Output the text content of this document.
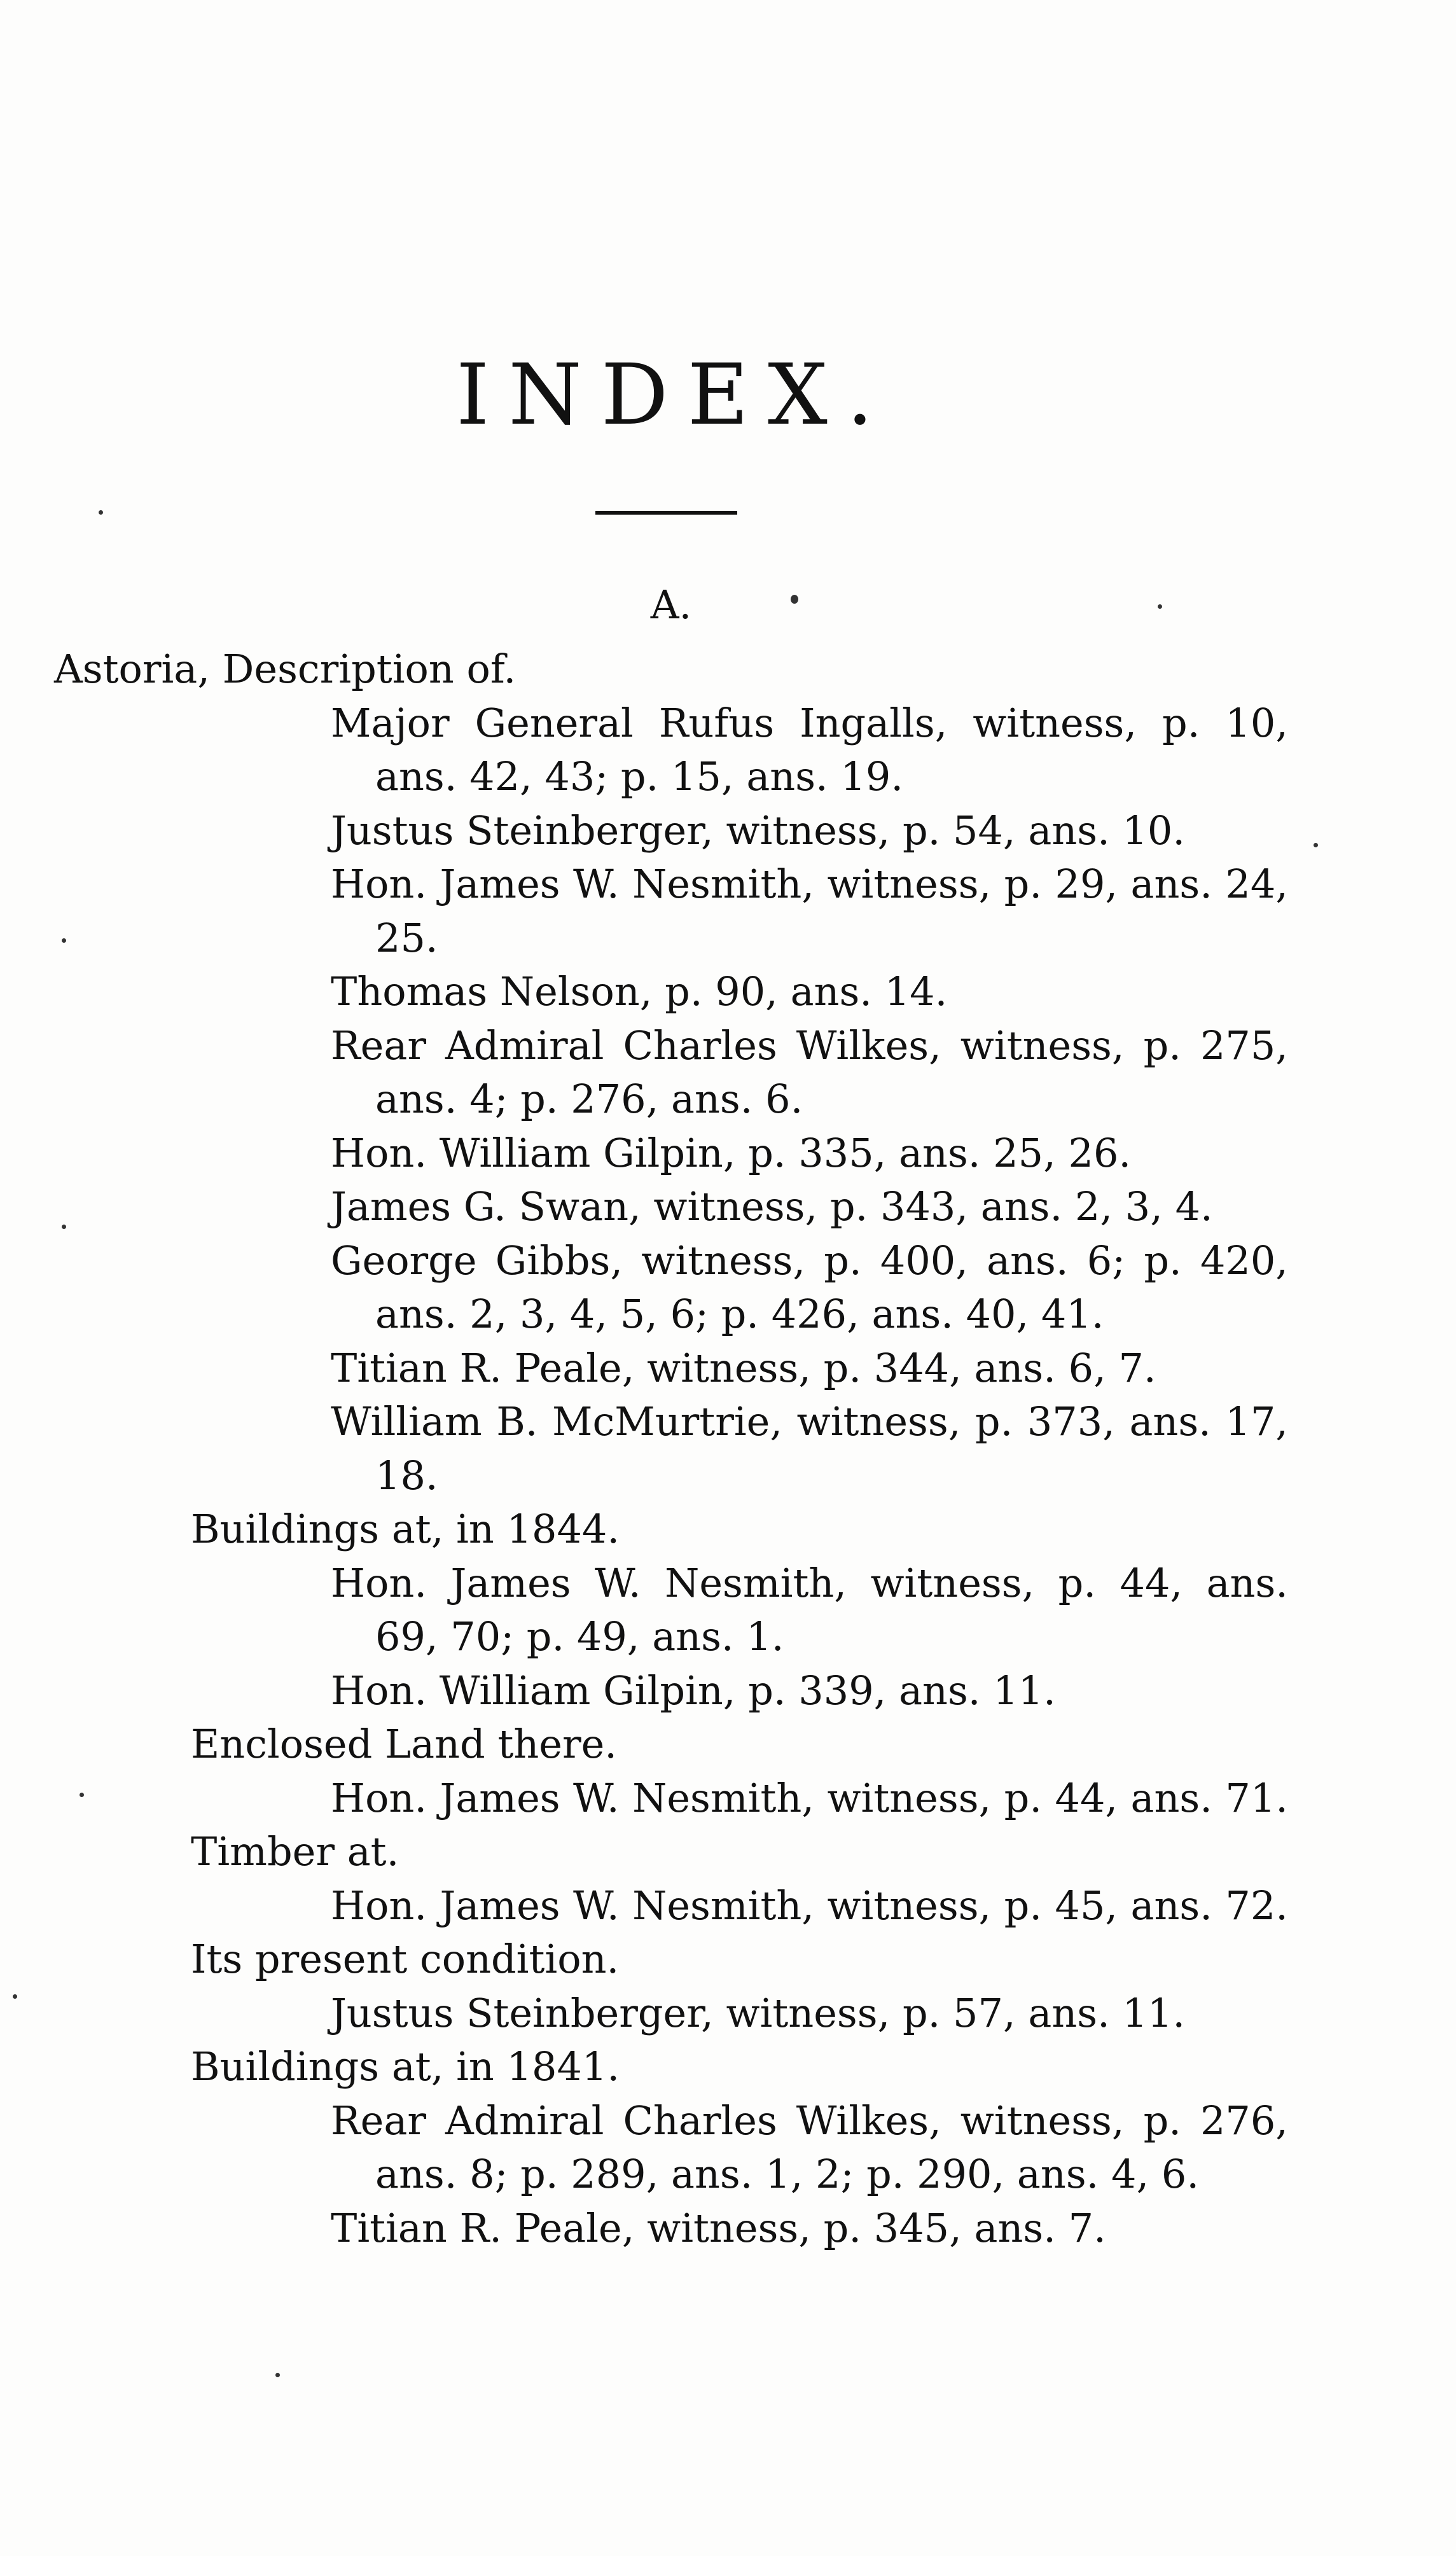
INDEX.
A.
Astoria, Description of.
Major General Rufus Ingalls, witness, p. 10,
ans. 42, 43; p. 15, ans. 19.
Justus Steinberger, witness, p. 54, ans. 10.
Hon. James W. Nesmith, witness, p. 29, ans. 24,
25.
Thomas Nelson, p. 90, ans. 14.
Rear Admiral Charles Wilkes, witness, p. 275,
ans. 4; p. 276, ans. 6.
Hon. William Gilpin, p. 335, ans. 25, 26.
James G. Swan, witness, p. 343, ans. 2, 3, 4.
George Gibbs, witness, p. 400, ans. 6; p. 420,
ans. 2, 3, 4, 5, 6; p. 426, ans. 40, 41.
Titian R. Peale, witness, p. 344, ans. 6, 7.
William B. McMurtrie, witness, p. 373, ans. 17,
18.
Buildings at, in 1844.
Hon. James W. Nesmith, witness, p. 44, ans.
69, 70; p. 49, ans. 1.
Hon. William Gilpin, p. 339, ans. 11.
Enclosed Land there.
Hon. James W. Nesmith, witness, p. 44, ans. 71.
Timber at.
Hon. James W. Nesmith, witness, p. 45, ans. 72.
Its present condition.
Justus Steinberger, witness, p. 57, ans. 11.
Buildings at, in 1841.
Rear Admiral Charles Wilkes, witness, p. 276,
ans. 8; p. 289, ans. 1, 2; p. 290, ans. 4, 6.
Titian R. Peale, witness, p. 345, ans. 7.
